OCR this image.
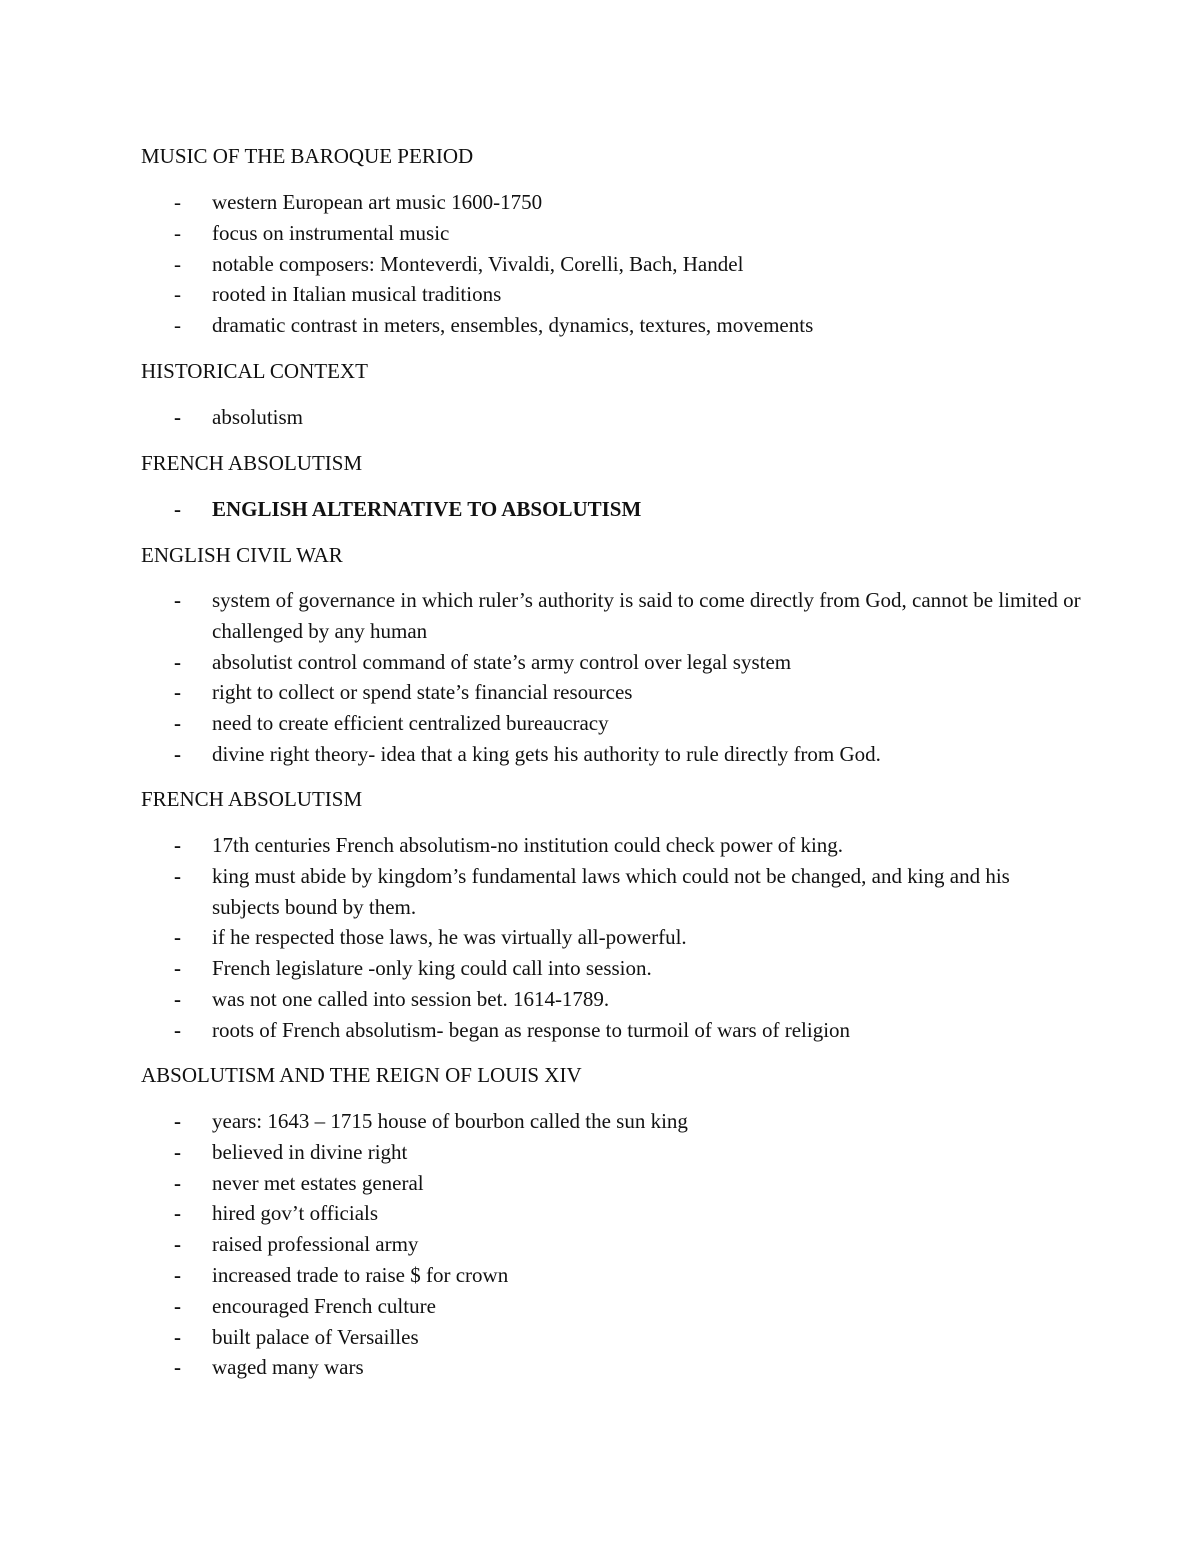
MUSIC OF THE BAROQUE PERIOD
- western European art music 1600-1750
- focus on instrumental music
- notable composers: Monteverdi, Vivaldi, Corelli, Bach, Handel
- rooted in Italian musical traditions
- dramatic contrast in meters, ensembles, dynamics, textures, movements
HISTORICAL CONTEXT
- absolutism
FRENCH ABSOLUTISM
- ENGLISH ALTERNATIVE TO ABSOLUTISM
ENGLISH CIVIL WAR
- system of governance in which ruler’s authority is said to come directly from God, cannot be limited or challenged by any human
- absolutist control command of state’s army control over legal system
- right to collect or spend state’s financial resources
- need to create efficient centralized bureaucracy
- divine right theory- idea that a king gets his authority to rule directly from God.
FRENCH ABSOLUTISM
- 17th centuries French absolutism-no institution could check power of king.
- king must abide by kingdom’s fundamental laws which could not be changed, and king and his subjects bound by them.
- if he respected those laws, he was virtually all-powerful.
- French legislature -only king could call into session.
- was not one called into session bet. 1614-1789.
- roots of French absolutism- began as response to turmoil of wars of religion
ABSOLUTISM AND THE REIGN OF LOUIS XIV
- years: 1643 – 1715 house of bourbon called the sun king
- believed in divine right
- never met estates general
- hired gov’t officials
- raised professional army
- increased trade to raise $ for crown
- encouraged French culture
- built palace of Versailles
- waged many wars
